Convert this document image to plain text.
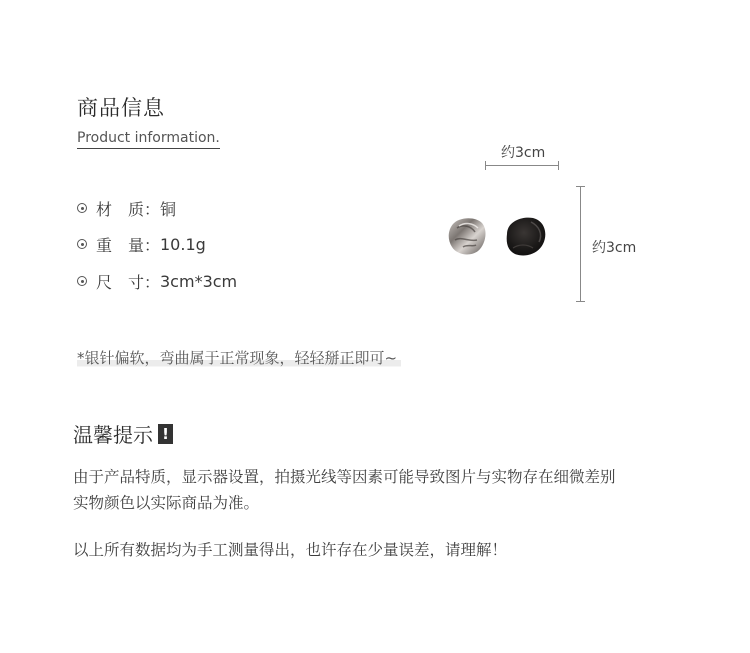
商品信息
Product information.
材 质： 铜
重 量： 10.1g
尺 寸： 3cm*3cm
约3cm
约3cm
*银针偏软，弯曲属于正常现象，轻轻掰正即可~
温馨提示 !
由于产品特质，显示器设置，拍摄光线等因素可能导致图片与实物存在细微差别
实物颜色以实际商品为准。
以上所有数据均为手工测量得出，也许存在少量误差，请理解！
